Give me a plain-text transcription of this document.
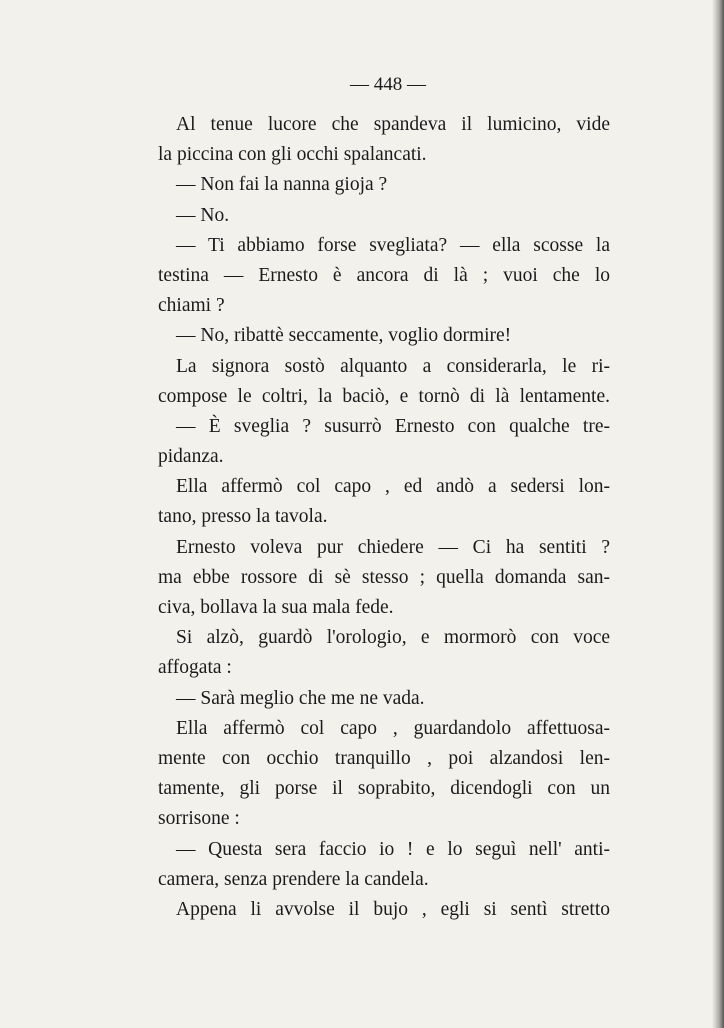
— 448 —
Al tenue lucore che spandeva il lumicino, vide
la piccina con gli occhi spalancati.
— Non fai la nanna gioja ?
— No.
— Ti abbiamo forse svegliata? — ella scosse la
testina — Ernesto è ancora di là ; vuoi che lo
chiami ?
— No, ribattè seccamente, voglio dormire!
La signora sostò alquanto a considerarla, le ri-
compose le coltri, la baciò, e tornò di là lentamente.
— È sveglia ? susurrò Ernesto con qualche tre-
pidanza.
Ella affermò col capo , ed andò a sedersi lon-
tano, presso la tavola.
Ernesto voleva pur chiedere — Ci ha sentiti ?
ma ebbe rossore di sè stesso ; quella domanda san-
civa, bollava la sua mala fede.
Si alzò, guardò l'orologio, e mormorò con voce
affogata :
— Sarà meglio che me ne vada.
Ella affermò col capo , guardandolo affettuosa-
mente con occhio tranquillo , poi alzandosi len-
tamente, gli porse il soprabito, dicendogli con un
sorrisone :
— Questa sera faccio io ! e lo seguì nell' anti-
camera, senza prendere la candela.
Appena li avvolse il bujo , egli si sentì stretto
